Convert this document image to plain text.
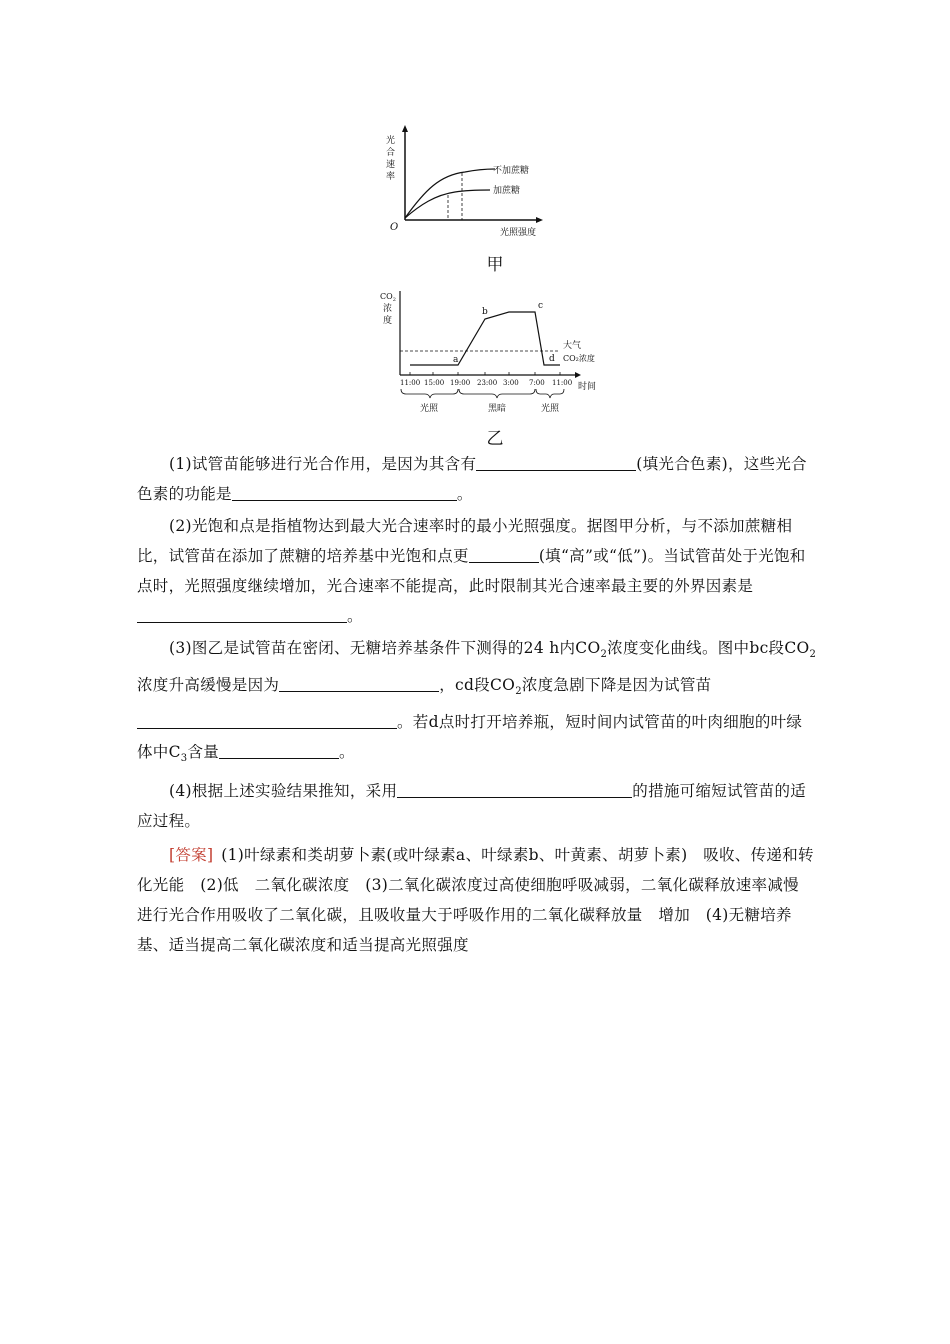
光
合
速
率
O
不加蔗糖
加蔗糖
光照强度
甲
a
b
c
d
$CO_2$
浓
度
大气
CO₂浓度
11:00 15:00 19:00 23:00 3:00 7:00 11:00 时间
光照	黑暗	光照
乙

(1)试管苗能够进行光合作用，是因为其含有	(填光合色素)，这些光合色素的功能是	。

(2)光饱和点是指植物达到最大光合速率时的最小光照强度。据图甲分析，与不添加蔗糖相比，试管苗在添加了蔗糖的培养基中光饱和点更	(填“高”或“低”)。当试管苗处于光饱和点时，光照强度继续增加，光合速率不能提高，此时限制其光合速率最主要的外界因素是。

(3)图乙是试管苗在密闭、无糖培养基条件下测得的24 h内$CO_2$浓度变化曲线。图中bc段$CO_2$浓度升高缓慢是因为	，cd段$CO_2$浓度急剧下降是因为试管苗。若d点时打开培养瓶，短时间内试管苗的叶肉细胞的叶绿体中$C_3$含量	。

(4)根据上述实验结果推知，采用	的措施可缩短试管苗的适应过程。

[答案] (1)叶绿素和类胡萝卜素(或叶绿素a、叶绿素b、叶黄素、胡萝卜素)　吸收、传递和转化光能　(2)低　二氧化碳浓度　(3)二氧化碳浓度过高使细胞呼吸减弱，二氧化碳释放速率减慢　进行光合作用吸收了二氧化碳，且吸收量大于呼吸作用的二氧化碳释放量　增加　(4)无糖培养基、适当提高二氧化碳浓度和适当提高光照强度
